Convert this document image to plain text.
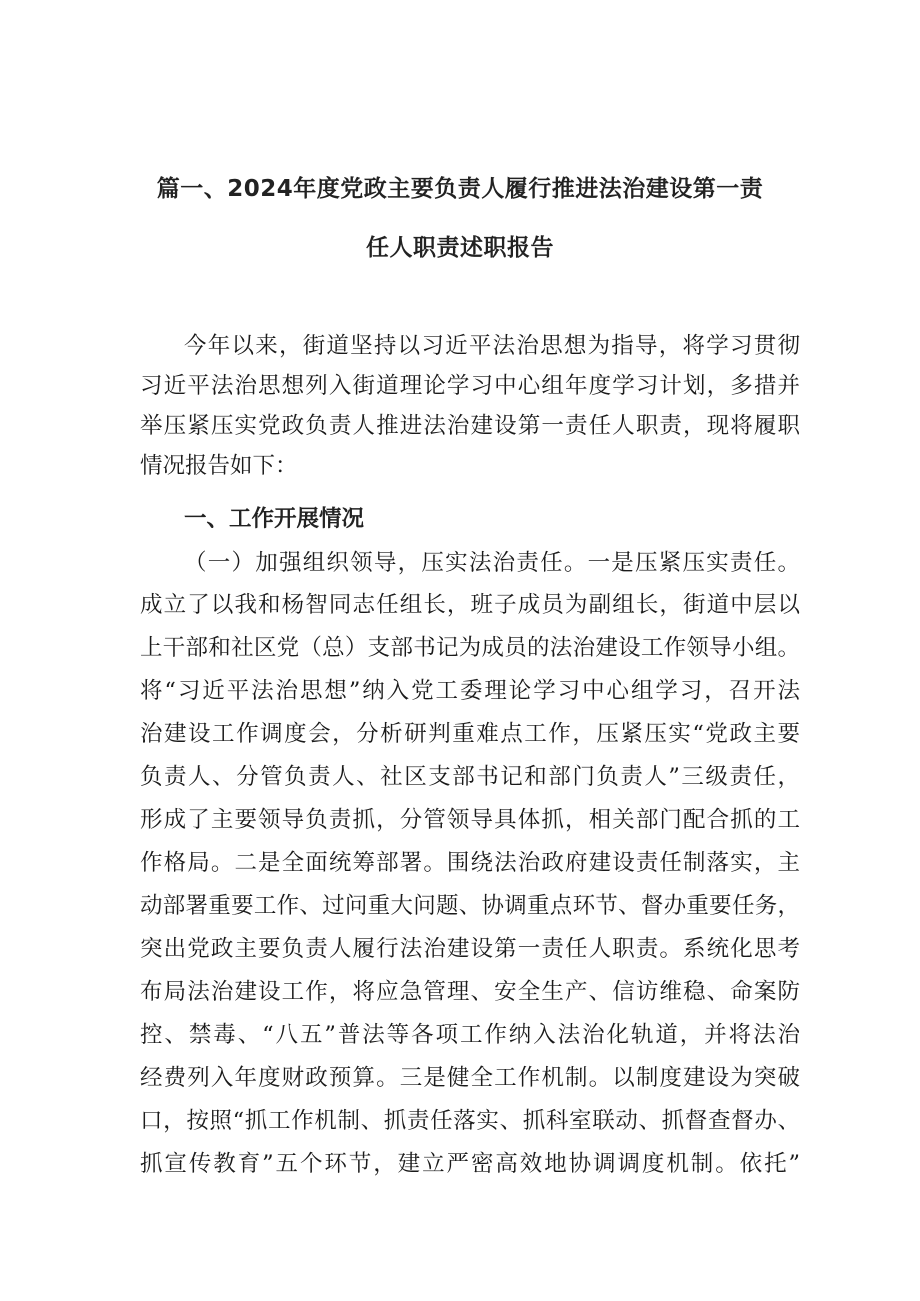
篇一、2024年度党政主要负责人履行推进法治建设第一责
任人职责述职报告
今年以来，街道坚持以习近平法治思想为指导，将学习贯彻
习近平法治思想列入街道理论学习中心组年度学习计划，多措并
举压紧压实党政负责人推进法治建设第一责任人职责，现将履职
情况报告如下：
一、工作开展情况
（一）加强组织领导，压实法治责任。一是压紧压实责任。
成立了以我和杨智同志任组长，班子成员为副组长，街道中层以
上干部和社区党（总）支部书记为成员的法治建设工作领导小组。
将“习近平法治思想”纳入党工委理论学习中心组学习，召开法
治建设工作调度会，分析研判重难点工作，压紧压实“党政主要
负责人、分管负责人、社区支部书记和部门负责人”三级责任，
形成了主要领导负责抓，分管领导具体抓，相关部门配合抓的工
作格局。二是全面统筹部署。围绕法治政府建设责任制落实，主
动部署重要工作、过问重大问题、协调重点环节、督办重要任务，
突出党政主要负责人履行法治建设第一责任人职责。系统化思考
布局法治建设工作，将应急管理、安全生产、信访维稳、命案防
控、禁毒、“八五”普法等各项工作纳入法治化轨道，并将法治
经费列入年度财政预算。三是健全工作机制。以制度建设为突破
口，按照“抓工作机制、抓责任落实、抓科室联动、抓督查督办、
抓宣传教育”五个环节，建立严密高效地协调调度机制。依托”
